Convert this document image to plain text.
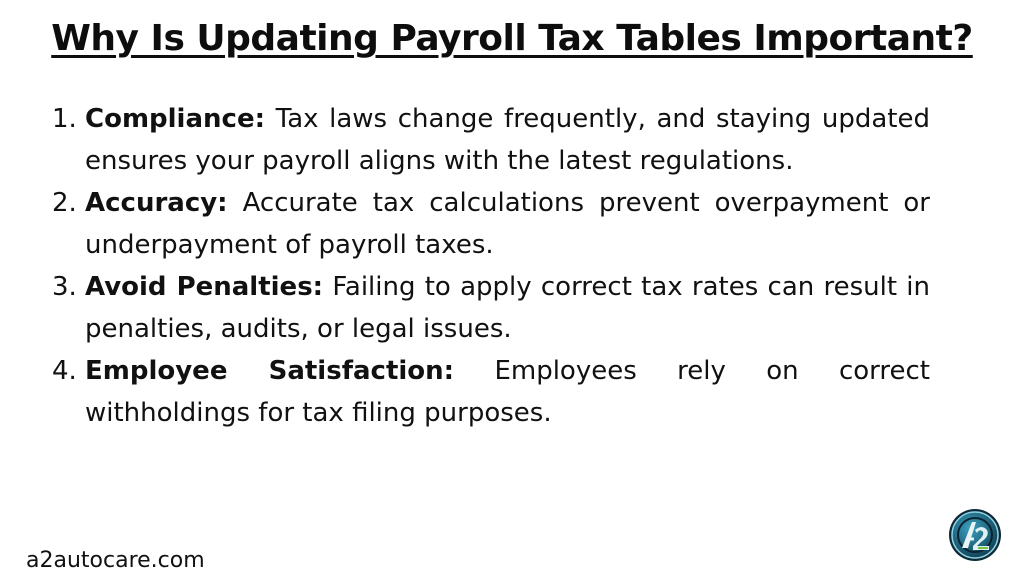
Why Is Updating Payroll Tax Tables Important?
1. Compliance: Tax laws change frequently, and staying updated ensures your payroll aligns with the latest regulations.
2. Accuracy: Accurate tax calculations prevent overpayment or underpayment of payroll taxes.
3. Avoid Penalties: Failing to apply correct tax rates can result in penalties, audits, or legal issues.
4. Employee Satisfaction: Employees rely on correct withholdings for tax filing purposes.
a2autocare.com
